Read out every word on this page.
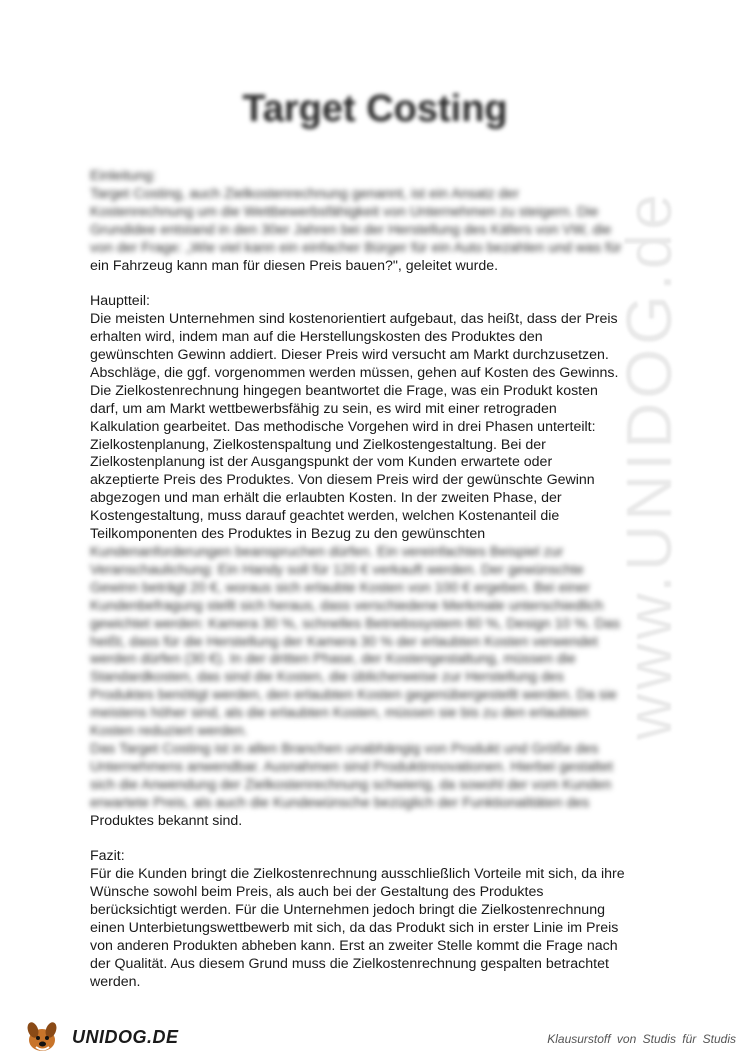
www.UNIDOG.de
Target Costing

Einleitung:

Target Costing, auch Zielkostenrechnung genannt, ist ein Ansatz der

Kostenrechnung um die Wettbewerbsfähigkeit von Unternehmen zu steigern. Die

Grundidee entstand in den 30er Jahren bei der Herstellung des Käfers von VW, die

von der Frage: „Wie viel kann ein einfacher Bürger für ein Auto bezahlen und was für

ein Fahrzeug kann man für diesen Preis bauen?", geleitet wurde.

Hauptteil:

Die meisten Unternehmen sind kostenorientiert aufgebaut, das heißt, dass der Preis

erhalten wird, indem man auf die Herstellungskosten des Produktes den

gewünschten Gewinn addiert. Dieser Preis wird versucht am Markt durchzusetzen.

Abschläge, die ggf. vorgenommen werden müssen, gehen auf Kosten des Gewinns.

Die Zielkostenrechnung hingegen beantwortet die Frage, was ein Produkt kosten

darf, um am Markt wettbewerbsfähig zu sein, es wird mit einer retrograden

Kalkulation gearbeitet. Das methodische Vorgehen wird in drei Phasen unterteilt:

Zielkostenplanung, Zielkostenspaltung und Zielkostengestaltung. Bei der

Zielkostenplanung ist der Ausgangspunkt der vom Kunden erwartete oder

akzeptierte Preis des Produktes. Von diesem Preis wird der gewünschte Gewinn

abgezogen und man erhält die erlaubten Kosten. In der zweiten Phase, der

Kostengestaltung, muss darauf geachtet werden, welchen Kostenanteil die

Teilkomponenten des Produktes in Bezug zu den gewünschten

Kundenanforderungen beanspruchen dürfen. Ein vereinfachtes Beispiel zur

Veranschaulichung: Ein Handy soll für 120 € verkauft werden. Der gewünschte

Gewinn beträgt 20 €, woraus sich erlaubte Kosten von 100 € ergeben. Bei einer

Kundenbefragung stellt sich heraus, dass verschiedene Merkmale unterschiedlich

gewichtet werden: Kamera 30 %, schnelles Betriebssystem 60 %, Design 10 %. Das

heißt, dass für die Herstellung der Kamera 30 % der erlaubten Kosten verwendet

werden dürfen (30 €). In der dritten Phase, der Kostengestaltung, müssen die

Standardkosten, das sind die Kosten, die üblicherweise zur Herstellung des

Produktes benötigt werden, den erlaubten Kosten gegenübergestellt werden. Da sie

meistens höher sind, als die erlaubten Kosten, müssen sie bis zu den erlaubten

Kosten reduziert werden.

Das Target Costing ist in allen Branchen unabhängig von Produkt und Größe des

Unternehmens anwendbar. Ausnahmen sind Produktinnovationen. Hierbei gestaltet

sich die Anwendung der Zielkostenrechnung schwierig, da sowohl der vom Kunden

erwartete Preis, als auch die Kundewünsche bezüglich der Funktionalitäten des

Produktes bekannt sind.

Fazit:

Für die Kunden bringt die Zielkostenrechnung ausschließlich Vorteile mit sich, da ihre

Wünsche sowohl beim Preis, als auch bei der Gestaltung des Produktes

berücksichtigt werden. Für die Unternehmen jedoch bringt die Zielkostenrechnung

einen Unterbietungswettbewerb mit sich, da das Produkt sich in erster Linie im Preis

von anderen Produkten abheben kann. Erst an zweiter Stelle kommt die Frage nach

der Qualität. Aus diesem Grund muss die Zielkostenrechnung gespalten betrachtet

werden.

UNIDOG.DE	Klausurstoff von Studis für Studis
